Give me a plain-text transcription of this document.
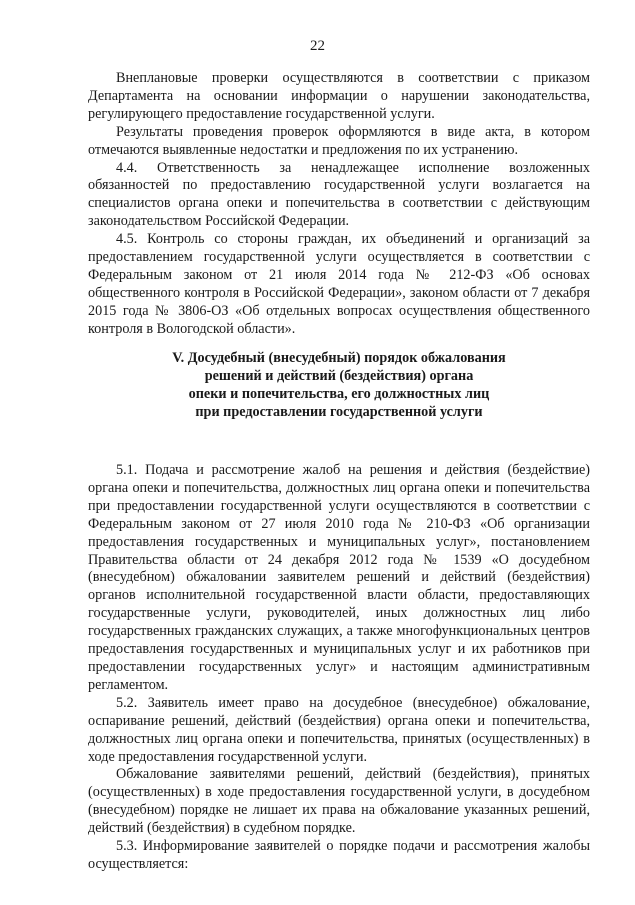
22

Внеплановые проверки осуществляются в соответствии с приказом Департамента на основании информации о нарушении законодательства, регулирующего предоставление государственной услуги.

Результаты проведения проверок оформляются в виде акта, в котором отмечаются выявленные недостатки и предложения по их устранению.

4.4. Ответственность за ненадлежащее исполнение возложенных обязанностей по предоставлению государственной услуги возлагается на специалистов органа опеки и попечительства в соответствии с действующим законодательством Российской Федерации.

4.5. Контроль со стороны граждан, их объединений и организаций за предоставлением государственной услуги осуществляется в соответствии с Федеральным законом от 21 июля 2014 года № 212-ФЗ «Об основах общественного контроля в Российской Федерации», законом области от 7 декабря 2015 года № 3806-ОЗ «Об отдельных вопросах осуществления общественного контроля в Вологодской области».

V. Досудебный (внесудебный) порядок обжалования
решений и действий (бездействия) органа
опеки и попечительства, его должностных лиц
при предоставлении государственной услуги

5.1. Подача и рассмотрение жалоб на решения и действия (бездействие) органа опеки и попечительства, должностных лиц органа опеки и попечительства при предоставлении государственной услуги осуществляются в соответствии с Федеральным законом от 27 июля 2010 года № 210-ФЗ «Об организации предоставления государственных и муниципальных услуг», постановлением Правительства области от 24 декабря 2012 года № 1539 «О досудебном (внесудебном) обжаловании заявителем решений и действий (бездействия) органов исполнительной государственной власти области, предоставляющих государственные услуги, руководителей, иных должностных лиц либо государственных гражданских служащих, а также многофункциональных центров предоставления государственных и муниципальных услуг и их работников при предоставлении государственных услуг» и настоящим административным регламентом.

5.2. Заявитель имеет право на досудебное (внесудебное) обжалование, оспаривание решений, действий (бездействия) органа опеки и попечительства, должностных лиц органа опеки и попечительства, принятых (осуществленных) в ходе предоставления государственной услуги.

Обжалование заявителями решений, действий (бездействия), принятых (осуществленных) в ходе предоставления государственной услуги, в досудебном (внесудебном) порядке не лишает их права на обжалование указанных решений, действий (бездействия) в судебном порядке.

5.3. Информирование заявителей о порядке подачи и рассмотрения жалобы осуществляется:
